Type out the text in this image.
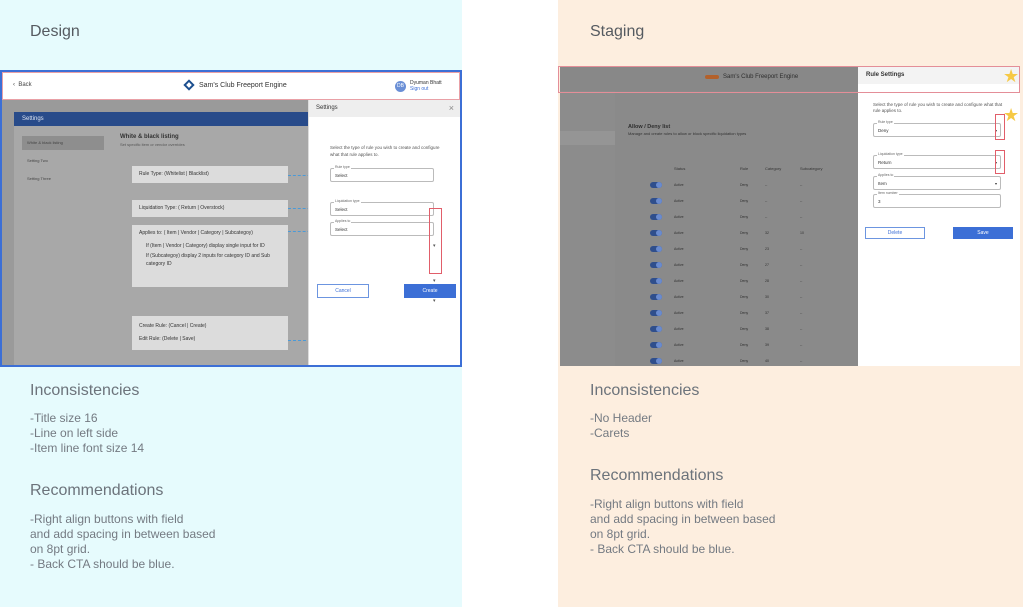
Design
Inconsistencies
-Title size 16
-Line on left side
-Item line font size 14
Recommendations
-Right align buttons with field
and add spacing in between based
on 8pt grid.
- Back CTA should be blue.
‹  Back	Sam's Club Freeport Engine	DB	Dyuman Bhatt
Sign out
Settings
White & black listing
Setting Two
Setting Three
White & black listing
Set specific item or vendor overrides
Rule Type: (Whitelist | Blacklist)
Liquidation Type: ( Return | Overstock)
Applies to: ( Item | Vendor | Category | Subcategoy)
If (Item | Vendor | Category) display single input for ID
If (Subcategoy) display 2 inputs for category ID and Sub category ID
Create Rule: (Cancel | Create)
Edit Rule: (Delete | Save)
Settings	×
Select the type of rule you wish to create and configure what that rule applies to.
Rule type
Select
Liquidation type
Select
Applies to
Select
▾
▾
▾
Cancel	Create
Staging
Inconsistencies
-No Header
-Carets
Recommendations
-Right align buttons with field
and add spacing in between based
on 8pt grid.
- Back CTA should be blue.
Sam's Club Freeport Engine
Allow / Deny list
Manage and create rules to allow or block specific liquidation types
Status	Rule	Category	Subcategory
Active	Deny	--	--
Active	Deny	--	--
Active	Deny	--	--
Active	Deny	32	10
Active	Deny	23	--
Active	Deny	27	--
Active	Deny	28	--
Active	Deny	30	--
Active	Deny	37	--
Active	Deny	38	--
Active	Deny	39	--
Active	Deny	40	--
Rule Settings
Select the type of rule you wish to create and configure what that rule applies to.
Rule type
Deny	▾
Liquidation type
Return	▾
Applies to
Item	▾
Item number
3
Delete	Save
★
★
